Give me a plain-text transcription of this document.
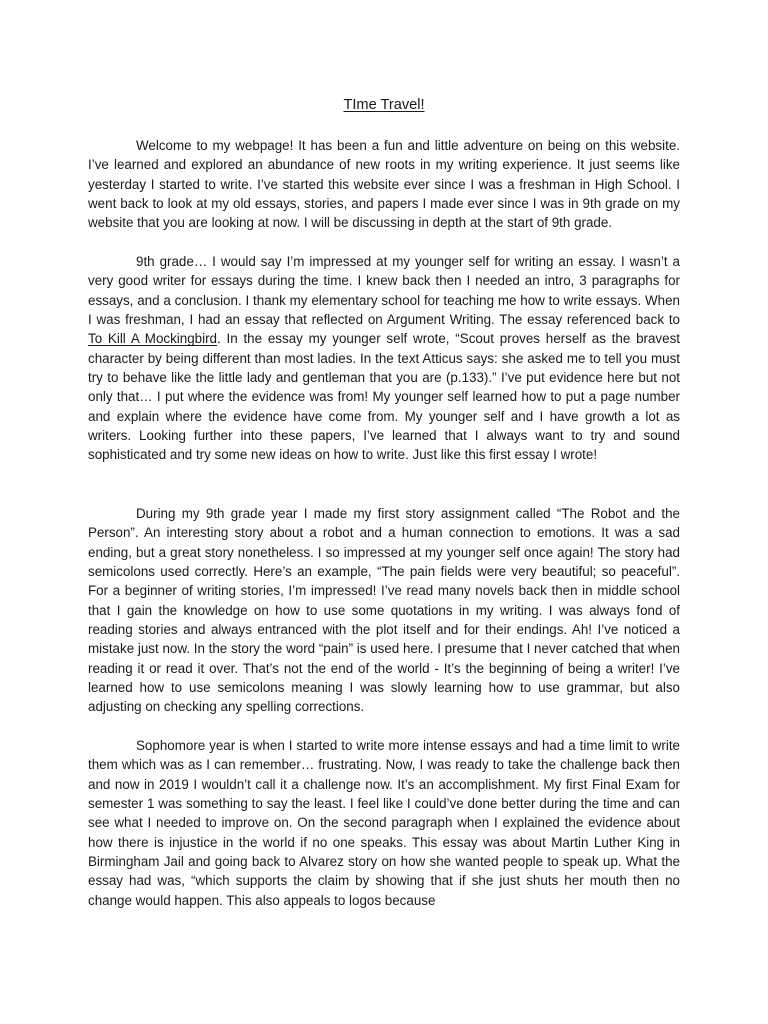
TIme Travel!

Welcome to my webpage! It has been a fun and little adventure on being on this website. I’ve learned and explored an abundance of new roots in my writing experience. It just seems like yesterday I started to write. I’ve started this website ever since I was a freshman in High School. I went back to look at my old essays, stories, and papers I made ever since I was in 9th grade on my website that you are looking at now. I will be discussing in depth at the start of 9th grade.

9th grade… I would say I’m impressed at my younger self for writing an essay. I wasn’t a very good writer for essays during the time. I knew back then I needed an intro, 3 paragraphs for essays, and a conclusion. I thank my elementary school for teaching me how to write essays. When I was freshman, I had an essay that reflected on Argument Writing. The essay referenced back to To Kill A Mockingbird. In the essay my younger self wrote, “Scout proves herself as the bravest character by being different than most ladies. In the text Atticus says: she asked me to tell you must try to behave like the little lady and gentleman that you are (p.133).” I’ve put evidence here but not only that… I put where the evidence was from! My younger self learned how to put a page number and explain where the evidence have come from. My younger self and I have growth a lot as writers. Looking further into these papers, I’ve learned that I always want to try and sound sophisticated and try some new ideas on how to write. Just like this first essay I wrote!

During my 9th grade year I made my first story assignment called “The Robot and the Person”. An interesting story about a robot and a human connection to emotions. It was a sad ending, but a great story nonetheless. I so impressed at my younger self once again! The story had semicolons used correctly. Here’s an example, “The pain fields were very beautiful; so peaceful”. For a beginner of writing stories, I’m impressed! I’ve read many novels back then in middle school that I gain the knowledge on how to use some quotations in my writing. I was always fond of reading stories and always entranced with the plot itself and for their endings. Ah! I’ve noticed a mistake just now. In the story the word “pain” is used here. I presume that I never catched that when reading it or read it over. That’s not the end of the world - It’s the beginning of being a writer! I’ve learned how to use semicolons meaning I was slowly learning how to use grammar, but also adjusting on checking any spelling corrections.

Sophomore year is when I started to write more intense essays and had a time limit to write them which was as I can remember… frustrating. Now, I was ready to take the challenge back then and now in 2019 I wouldn’t call it a challenge now. It’s an accomplishment. My first Final Exam for semester 1 was something to say the least. I feel like I could’ve done better during the time and can see what I needed to improve on. On the second paragraph when I explained the evidence about how there is injustice in the world if no one speaks. This essay was about Martin Luther King in Birmingham Jail and going back to Alvarez story on how she wanted people to speak up. What the essay had was, “which supports the claim by showing that if she just shuts her mouth then no change would happen. This also appeals to logos because
